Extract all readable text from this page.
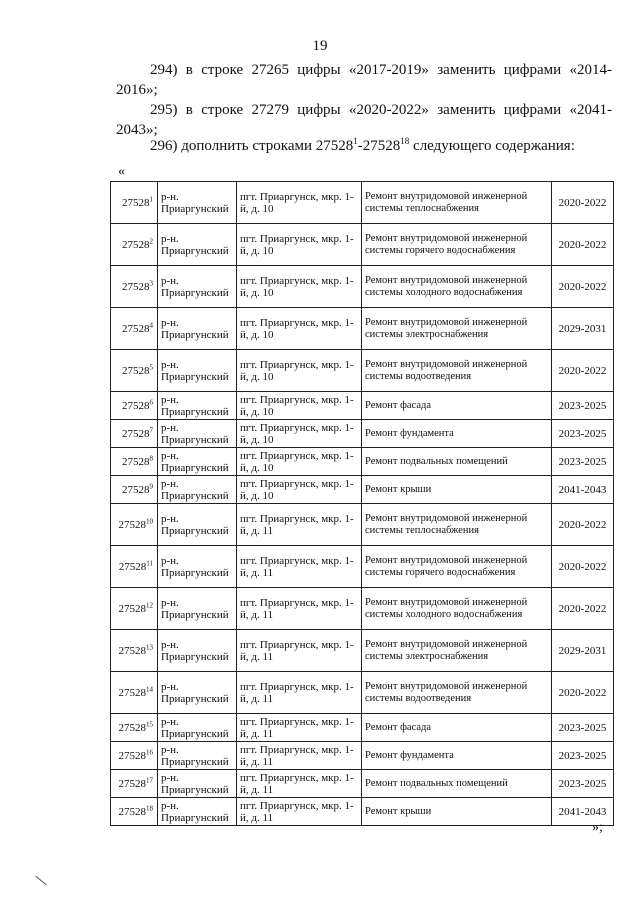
19
294) в строке 27265 цифры «2017-2019» заменить цифрами «2014-2016»;
295) в строке 27279 цифры «2020-2022» заменить цифрами «2041-2043»;
296) дополнить строками 27528$^1$-27528$^{18}$ следующего содержания:
«
27528$^1$	р-н. Приаргунский	пгт. Приаргунск, мкр. 1-й, д. 10	Ремонт внутридомовой инженерной системы теплоснабжения	2020-2022
27528$^2$	р-н. Приаргунский	пгт. Приаргунск, мкр. 1-й, д. 10	Ремонт внутридомовой инженерной системы горячего водоснабжения	2020-2022
27528$^3$	р-н. Приаргунский	пгт. Приаргунск, мкр. 1-й, д. 10	Ремонт внутридомовой инженерной системы холодного водоснабжения	2020-2022
27528$^4$	р-н. Приаргунский	пгт. Приаргунск, мкр. 1-й, д. 10	Ремонт внутридомовой инженерной системы электроснабжения	2029-2031
27528$^5$	р-н. Приаргунский	пгт. Приаргунск, мкр. 1-й, д. 10	Ремонт внутридомовой инженерной системы водоотведения	2020-2022
27528$^6$	р-н. Приаргунский	пгт. Приаргунск, мкр. 1-й, д. 10	Ремонт фасада	2023-2025
27528$^7$	р-н. Приаргунский	пгт. Приаргунск, мкр. 1-й, д. 10	Ремонт фундамента	2023-2025
27528$^8$	р-н. Приаргунский	пгт. Приаргунск, мкр. 1-й, д. 10	Ремонт подвальных помещений	2023-2025
27528$^9$	р-н. Приаргунский	пгт. Приаргунск, мкр. 1-й, д. 10	Ремонт крыши	2041-2043
27528$^{10}$	р-н. Приаргунский	пгт. Приаргунск, мкр. 1-й, д. 11	Ремонт внутридомовой инженерной системы теплоснабжения	2020-2022
27528$^{11}$	р-н. Приаргунский	пгт. Приаргунск, мкр. 1-й, д. 11	Ремонт внутридомовой инженерной системы горячего водоснабжения	2020-2022
27528$^{12}$	р-н. Приаргунский	пгт. Приаргунск, мкр. 1-й, д. 11	Ремонт внутридомовой инженерной системы холодного водоснабжения	2020-2022
27528$^{13}$	р-н. Приаргунский	пгт. Приаргунск, мкр. 1-й, д. 11	Ремонт внутридомовой инженерной системы электроснабжения	2029-2031
27528$^{14}$	р-н. Приаргунский	пгт. Приаргунск, мкр. 1-й, д. 11	Ремонт внутридомовой инженерной системы водоотведения	2020-2022
27528$^{15}$	р-н. Приаргунский	пгт. Приаргунск, мкр. 1-й, д. 11	Ремонт фасада	2023-2025
27528$^{16}$	р-н. Приаргунский	пгт. Приаргунск, мкр. 1-й, д. 11	Ремонт фундамента	2023-2025
27528$^{17}$	р-н. Приаргунский	пгт. Приаргунск, мкр. 1-й, д. 11	Ремонт подвальных помещений	2023-2025
27528$^{18}$	р-н. Приаргунский	пгт. Приаргунск, мкр. 1-й, д. 11	Ремонт крыши	2041-2043
»;
